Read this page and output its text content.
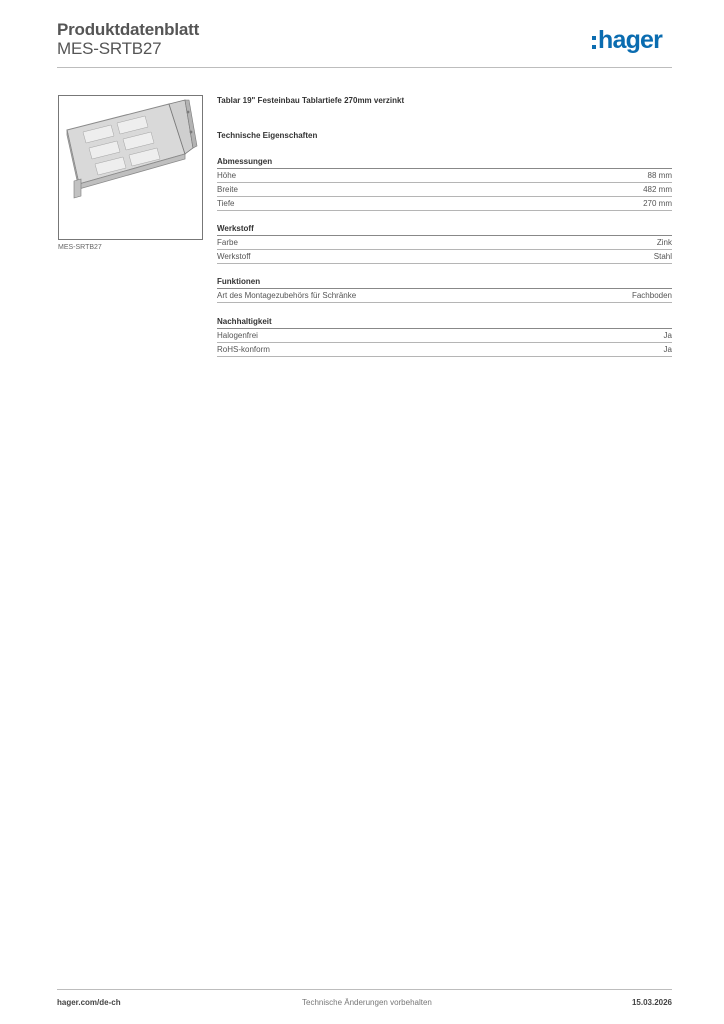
Produktdatenblatt
MES-SRTB27	hager
MES-SRTB27
Tablar 19" Festeinbau Tablartiefe 270mm verzinkt
Technische Eigenschaften
Abmessungen
Höhe	88 mm
Breite	482 mm
Tiefe	270 mm
Werkstoff
Farbe	Zink
Werkstoff	Stahl
Funktionen
Art des Montagezubehörs für Schränke	Fachboden
Nachhaltigkeit
Halogenfrei	Ja
RoHS-konform	Ja
hager.com/de-ch	Technische Änderungen vorbehalten	15.03.2026
